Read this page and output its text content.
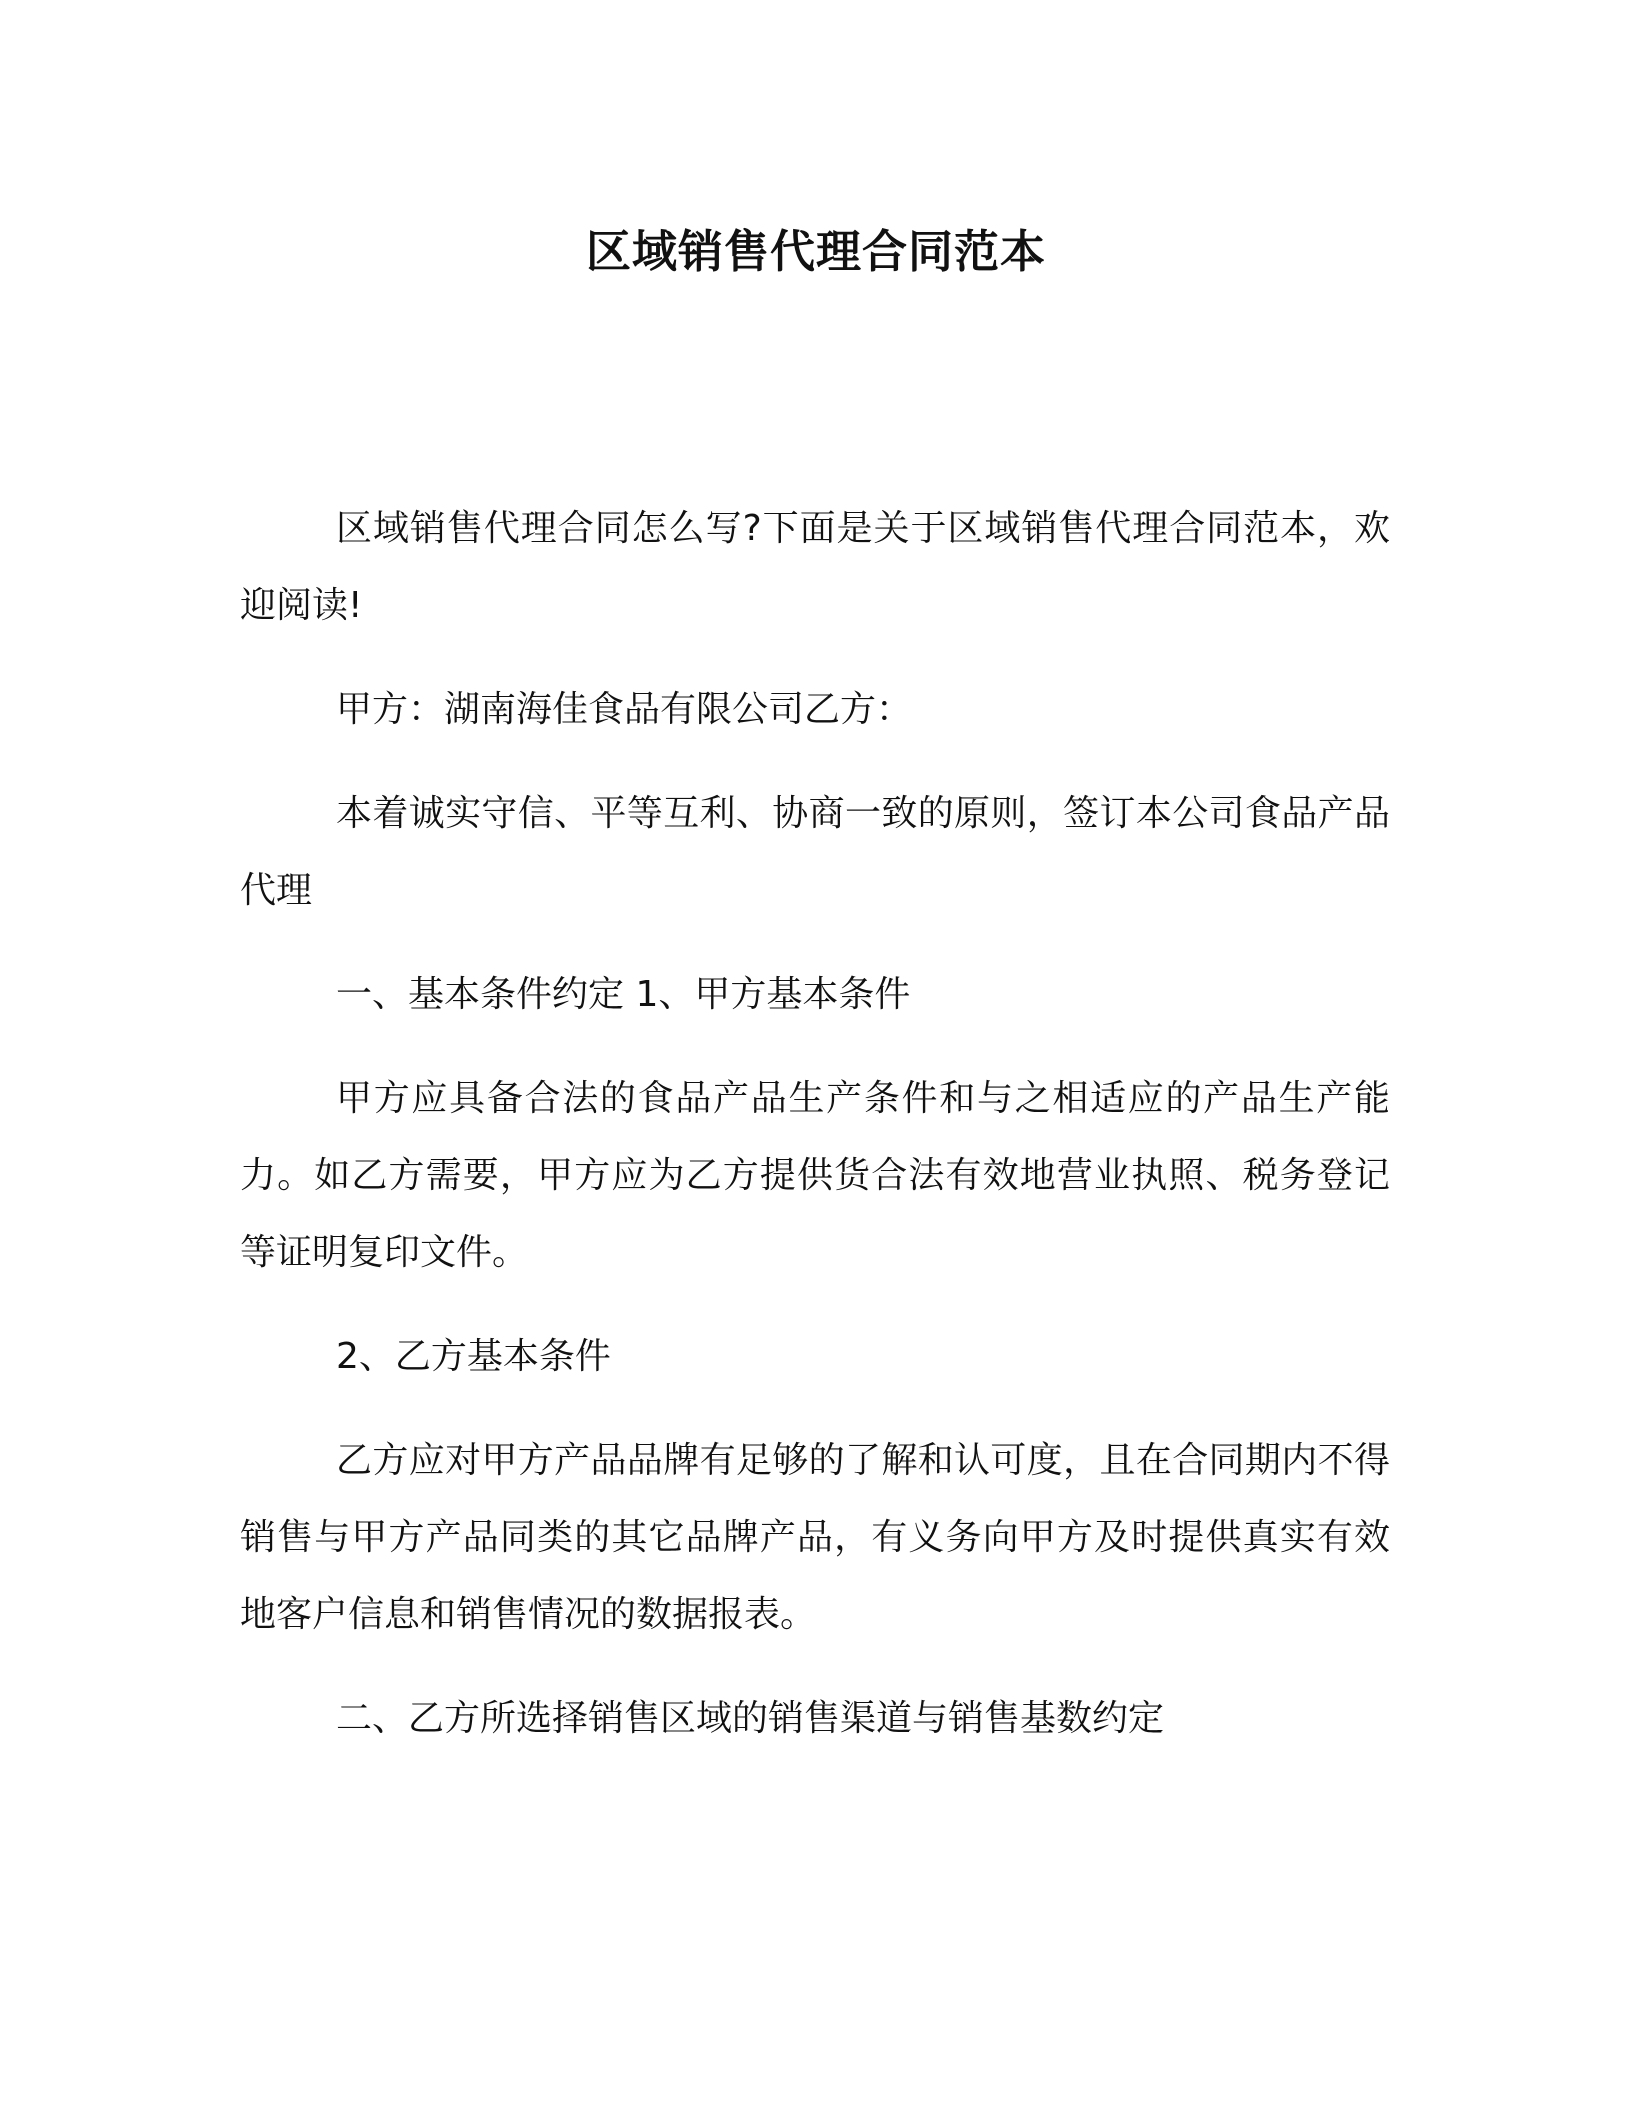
区域销售代理合同范本

区域销售代理合同怎么写?下面是关于区域销售代理合同范本，欢迎阅读!

甲方：湖南海佳食品有限公司乙方：

本着诚实守信、平等互利、协商一致的原则，签订本公司食品产品代理

一、基本条件约定 1、甲方基本条件

甲方应具备合法的食品产品生产条件和与之相适应的产品生产能力。如乙方需要，甲方应为乙方提供货合法有效地营业执照、税务登记等证明复印文件。

2、乙方基本条件

乙方应对甲方产品品牌有足够的了解和认可度，且在合同期内不得销售与甲方产品同类的其它品牌产品，有义务向甲方及时提供真实有效地客户信息和销售情况的数据报表。

二、乙方所选择销售区域的销售渠道与销售基数约定
